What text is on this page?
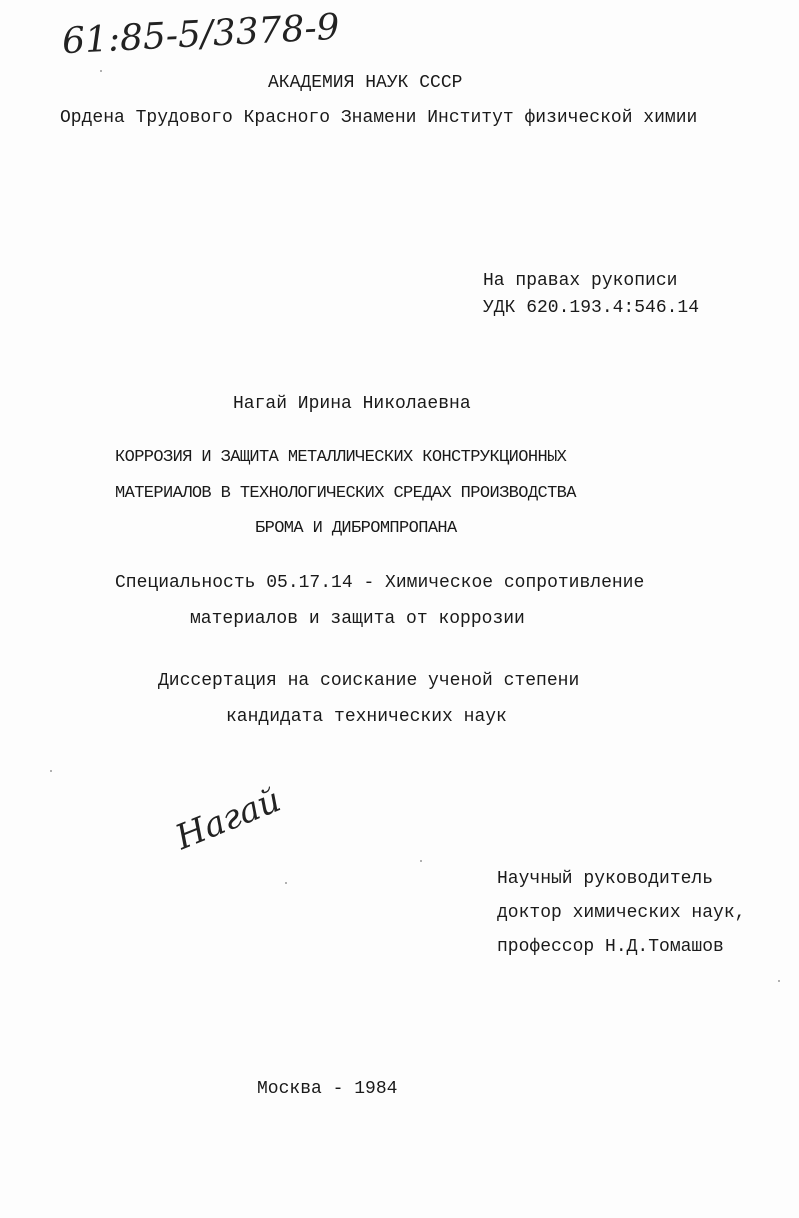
61:85-5/3378-9
АКАДЕМИЯ НАУК СССР
Ордена Трудового Красного Знамени Институт физической химии
На правах рукописи
УДК 620.193.4:546.14
Нагай Ирина Николаевна
КОРРОЗИЯ И ЗАЩИТА МЕТАЛЛИЧЕСКИХ КОНСТРУКЦИОННЫХ
МАТЕРИАЛОВ В ТЕХНОЛОГИЧЕСКИХ СРЕДАХ ПРОИЗВОДСТВА
БРОМА И ДИБРОМПРОПАНА
Специальность 05.17.14 - Химическое сопротивление
материалов и защита от коррозии
Диссертация на соискание ученой степени
кандидата технических наук
Нагай
Научный руководитель
доктор химических наук,
профессор Н.Д.Томашов
Москва - 1984
